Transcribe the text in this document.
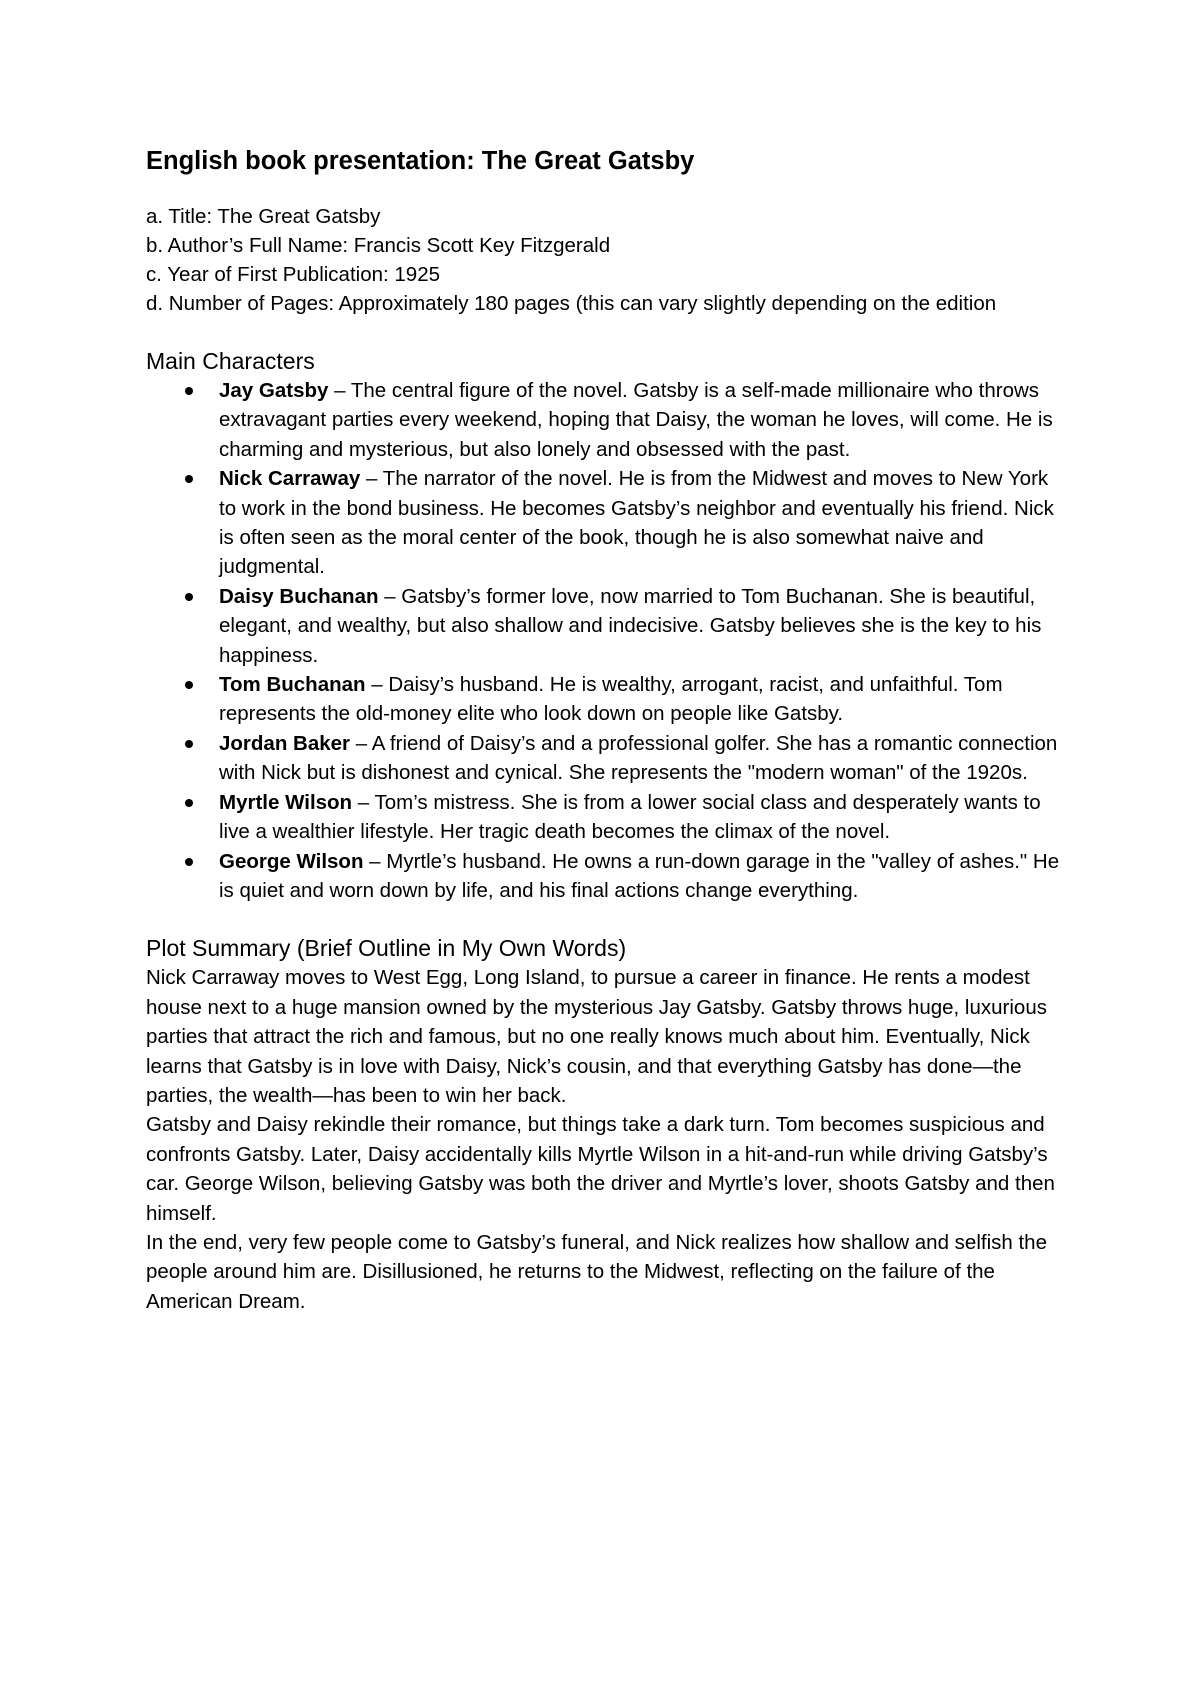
English book presentation: The Great Gatsby
a. Title: The Great Gatsby
b. Author’s Full Name: Francis Scott Key Fitzgerald
c. Year of First Publication: 1925
d. Number of Pages: Approximately 180 pages (this can vary slightly depending on the edition
Main Characters
Jay Gatsby – The central figure of the novel. Gatsby is a self-made millionaire who throws extravagant parties every weekend, hoping that Daisy, the woman he loves, will come. He is charming and mysterious, but also lonely and obsessed with the past.
Nick Carraway – The narrator of the novel. He is from the Midwest and moves to New York to work in the bond business. He becomes Gatsby’s neighbor and eventually his friend. Nick is often seen as the moral center of the book, though he is also somewhat naive and judgmental.
Daisy Buchanan – Gatsby’s former love, now married to Tom Buchanan. She is beautiful, elegant, and wealthy, but also shallow and indecisive. Gatsby believes she is the key to his happiness.
Tom Buchanan – Daisy’s husband. He is wealthy, arrogant, racist, and unfaithful. Tom represents the old-money elite who look down on people like Gatsby.
Jordan Baker – A friend of Daisy’s and a professional golfer. She has a romantic connection with Nick but is dishonest and cynical. She represents the "modern woman" of the 1920s.
Myrtle Wilson – Tom’s mistress. She is from a lower social class and desperately wants to live a wealthier lifestyle. Her tragic death becomes the climax of the novel.
George Wilson – Myrtle’s husband. He owns a run-down garage in the "valley of ashes." He is quiet and worn down by life, and his final actions change everything.
Plot Summary (Brief Outline in My Own Words)
Nick Carraway moves to West Egg, Long Island, to pursue a career in finance. He rents a modest house next to a huge mansion owned by the mysterious Jay Gatsby. Gatsby throws huge, luxurious parties that attract the rich and famous, but no one really knows much about him. Eventually, Nick learns that Gatsby is in love with Daisy, Nick’s cousin, and that everything Gatsby has done—the parties, the wealth—has been to win her back.
Gatsby and Daisy rekindle their romance, but things take a dark turn. Tom becomes suspicious and confronts Gatsby. Later, Daisy accidentally kills Myrtle Wilson in a hit-and-run while driving Gatsby’s car. George Wilson, believing Gatsby was both the driver and Myrtle’s lover, shoots Gatsby and then himself.
In the end, very few people come to Gatsby’s funeral, and Nick realizes how shallow and selfish the people around him are. Disillusioned, he returns to the Midwest, reflecting on the failure of the American Dream.
